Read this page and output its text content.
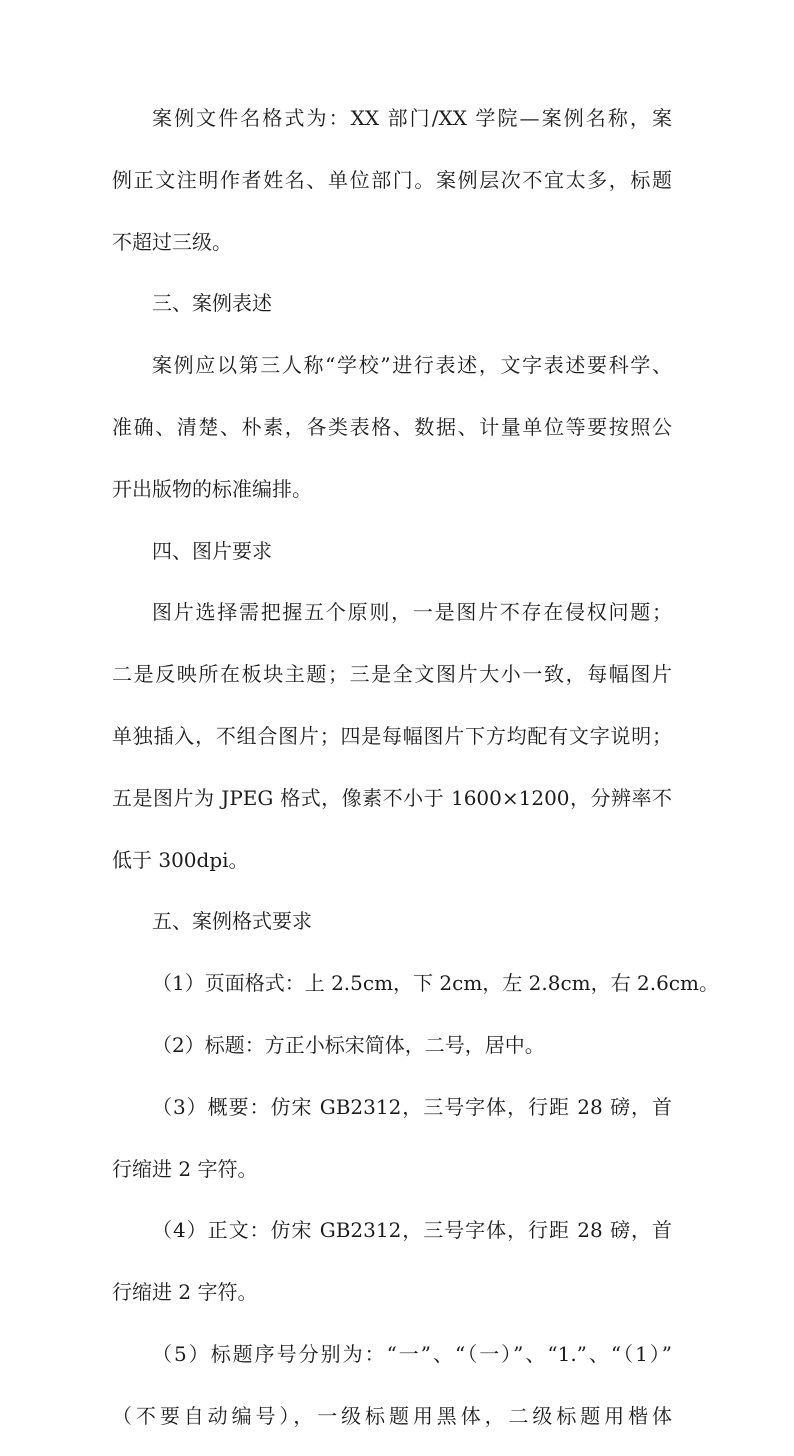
案例文件名格式为：XX 部门/XX 学院—案例名称，案
例正文注明作者姓名、单位部门。案例层次不宜太多，标题
不超过三级。
三、案例表述
案例应以第三人称“学校”进行表述，文字表述要科学、
准确、清楚、朴素，各类表格、数据、计量单位等要按照公
开出版物的标准编排。
四、图片要求
图片选择需把握五个原则，一是图片不存在侵权问题；
二是反映所在板块主题；三是全文图片大小一致，每幅图片
单独插入，不组合图片；四是每幅图片下方均配有文字说明；
五是图片为 JPEG 格式，像素不小于 1600×1200，分辨率不
低于 300dpi。
五、案例格式要求
（1）页面格式：上 2.5cm，下 2cm，左 2.8cm，右 2.6cm。
（2）标题：方正小标宋简体，二号，居中。
（3）概要：仿宋 GB2312，三号字体，行距 28 磅，首
行缩进 2 字符。
（4）正文：仿宋 GB2312，三号字体，行距 28 磅，首
行缩进 2 字符。
（5）标题序号分别为：“一”、“（一）”、“1.”、“（1）”
（不要自动编号），一级标题用黑体，二级标题用楷体
